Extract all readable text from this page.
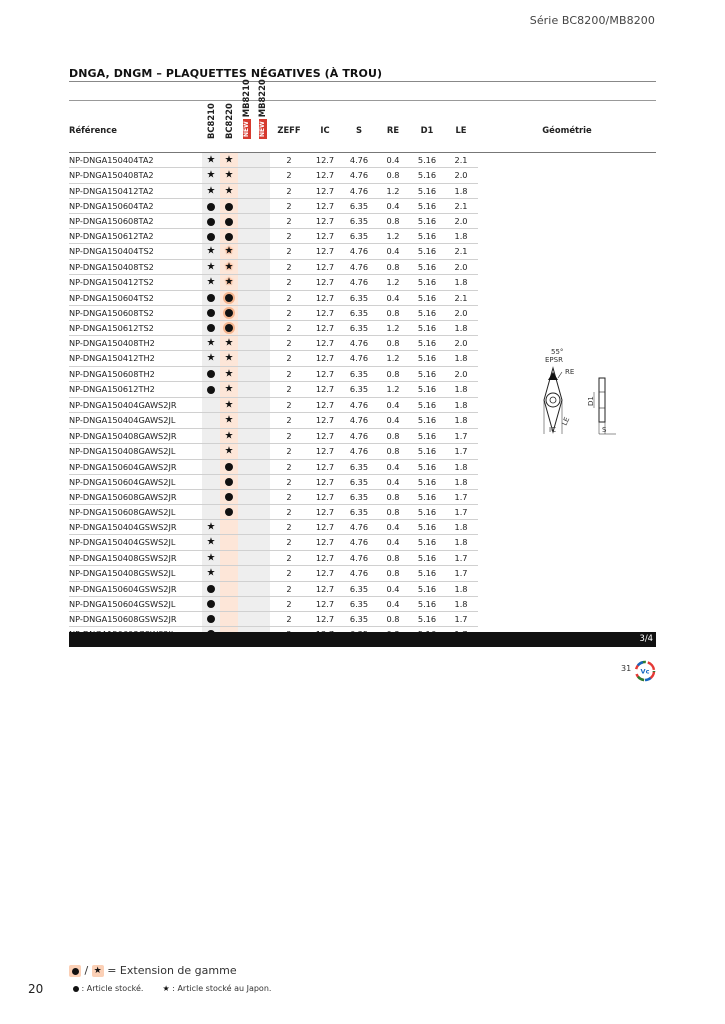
Série BC8200/MB8200
DNGA, DNGM – PLAQUETTES NÉGATIVES (À TROU)
Référence	BC8210	BC8220	NEWMB8210	NEWMB8220	ZEFF	IC	S	RE	D1	LE	Géométrie
NP-DNGA150404TA2	★	★			2	12.7	4.76	0.4	5.16	2.1	
NP-DNGA150408TA2	★	★			2	12.7	4.76	0.8	5.16	2.0	
NP-DNGA150412TA2	★	★			2	12.7	4.76	1.2	5.16	1.8	
NP-DNGA150604TA2					2	12.7	6.35	0.4	5.16	2.1	
NP-DNGA150608TA2					2	12.7	6.35	0.8	5.16	2.0	
NP-DNGA150612TA2					2	12.7	6.35	1.2	5.16	1.8	
NP-DNGA150404TS2	★	★			2	12.7	4.76	0.4	5.16	2.1	
NP-DNGA150408TS2	★	★			2	12.7	4.76	0.8	5.16	2.0	
NP-DNGA150412TS2	★	★			2	12.7	4.76	1.2	5.16	1.8	
NP-DNGA150604TS2					2	12.7	6.35	0.4	5.16	2.1	
NP-DNGA150608TS2					2	12.7	6.35	0.8	5.16	2.0	
NP-DNGA150612TS2					2	12.7	6.35	1.2	5.16	1.8	
NP-DNGA150408TH2	★	★			2	12.7	4.76	0.8	5.16	2.0	
NP-DNGA150412TH2	★	★			2	12.7	4.76	1.2	5.16	1.8	
NP-DNGA150608TH2		★			2	12.7	6.35	0.8	5.16	2.0	
NP-DNGA150612TH2		★			2	12.7	6.35	1.2	5.16	1.8	
NP-DNGA150404GAWS2JR		★			2	12.7	4.76	0.4	5.16	1.8	
NP-DNGA150404GAWS2JL		★			2	12.7	4.76	0.4	5.16	1.8	
NP-DNGA150408GAWS2JR		★			2	12.7	4.76	0.8	5.16	1.7	
NP-DNGA150408GAWS2JL		★			2	12.7	4.76	0.8	5.16	1.7	
NP-DNGA150604GAWS2JR					2	12.7	6.35	0.4	5.16	1.8	
NP-DNGA150604GAWS2JL					2	12.7	6.35	0.4	5.16	1.8	
NP-DNGA150608GAWS2JR					2	12.7	6.35	0.8	5.16	1.7	
NP-DNGA150608GAWS2JL					2	12.7	6.35	0.8	5.16	1.7	
NP-DNGA150404GSWS2JR	★				2	12.7	4.76	0.4	5.16	1.8	
NP-DNGA150404GSWS2JL	★				2	12.7	4.76	0.4	5.16	1.8	
NP-DNGA150408GSWS2JR	★				2	12.7	4.76	0.8	5.16	1.7	
NP-DNGA150408GSWS2JL	★				2	12.7	4.76	0.8	5.16	1.7	
NP-DNGA150604GSWS2JR					2	12.7	6.35	0.4	5.16	1.8	
NP-DNGA150604GSWS2JL					2	12.7	6.35	0.4	5.16	1.8	
NP-DNGA150608GSWS2JR					2	12.7	6.35	0.8	5.16	1.7	

55°
EPSR
RE
IC
LE
D1
S
3/4
31 Vc
/ ★ = Extension de gamme
: Article stocké. ★ : Article stocké au Japon.
20
